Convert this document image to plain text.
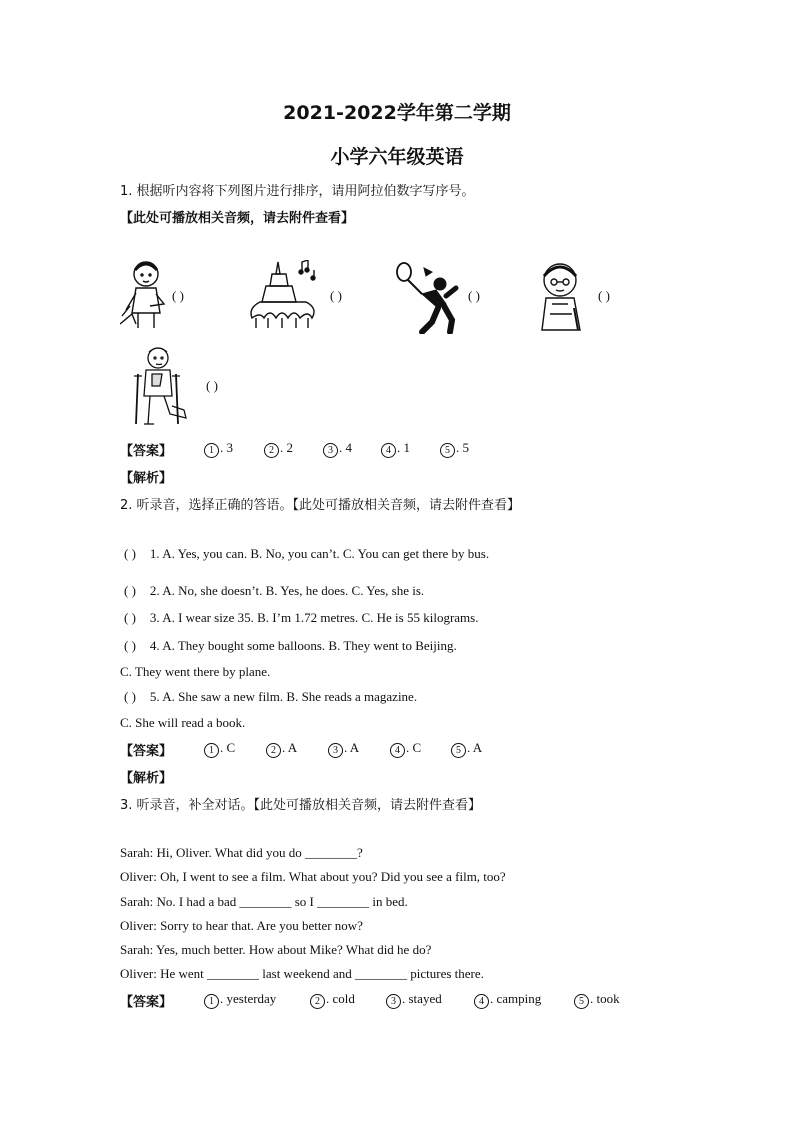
2021-2022学年第二学期
小学六年级英语
1. 根据听内容将下列图片进行排序，请用阿拉伯数字写序号。
【此处可播放相关音频，请去附件查看】
( )	( )	( )	( )
( )
【答案】	1 . 3	2 . 2	3 . 4	4 . 1	5 . 5
【解析】
2. 听录音，选择正确的答语。【此处可播放相关音频，请去附件查看】
( ) 1. A. Yes, you can. B. No, you can’t. C. You can get there by bus.
( ) 2. A. No, she doesn’t. B. Yes, he does. C. Yes, she is.
( ) 3. A. I wear size 35. B. I’m 1.72 metres. C. He is 55 kilograms.
( ) 4. A. They bought some balloons. B. They went to Beijing.
C. They went there by plane.
( ) 5. A. She saw a new film. B. She reads a magazine.
C. She will read a book.
【答案】	1 . C	2 . A	3 . A	4 . C	5 . A
【解析】
3. 听录音，补全对话。【此处可播放相关音频，请去附件查看】
Sarah: Hi, Oliver. What did you do ________?
Oliver: Oh, I went to see a film. What about you? Did you see a film, too?
Sarah: No. I had a bad ________ so I ________ in bed.
Oliver: Sorry to hear that. Are you better now?
Sarah: Yes, much better. How about Mike? What did he do?
Oliver: He went ________ last weekend and ________ pictures there.
【答案】	1 . yesterday	2 . cold	3 . stayed	4 . camping	5 . took
